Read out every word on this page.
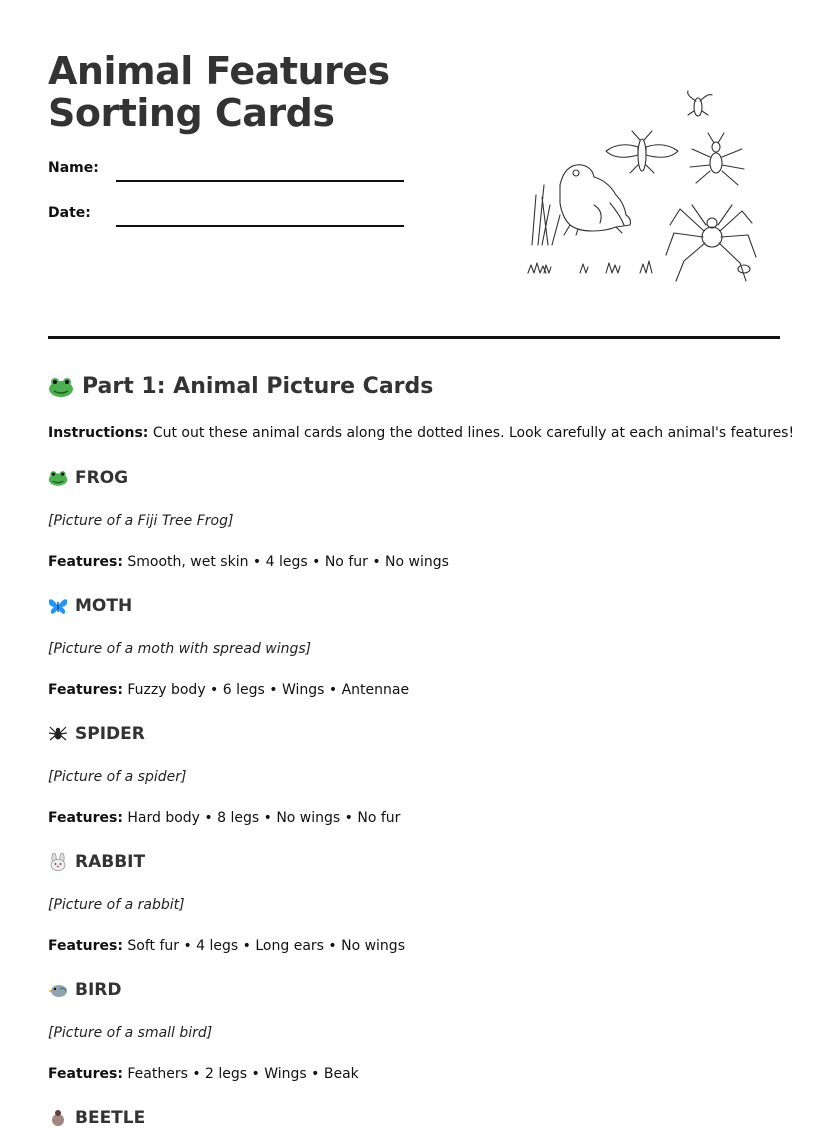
Animal Features Sorting Cards
Name:
Date:
Part 1: Animal Picture Cards
Instructions: Cut out these animal cards along the dotted lines. Look carefully at each animal's features!
FROG
[Picture of a Fiji Tree Frog]
Features: Smooth, wet skin • 4 legs • No fur • No wings
MOTH
[Picture of a moth with spread wings]
Features: Fuzzy body • 6 legs • Wings • Antennae
SPIDER
[Picture of a spider]
Features: Hard body • 8 legs • No wings • No fur
RABBIT
[Picture of a rabbit]
Features: Soft fur • 4 legs • Long ears • No wings
BIRD
[Picture of a small bird]
Features: Feathers • 2 legs • Wings • Beak
BEETLE
